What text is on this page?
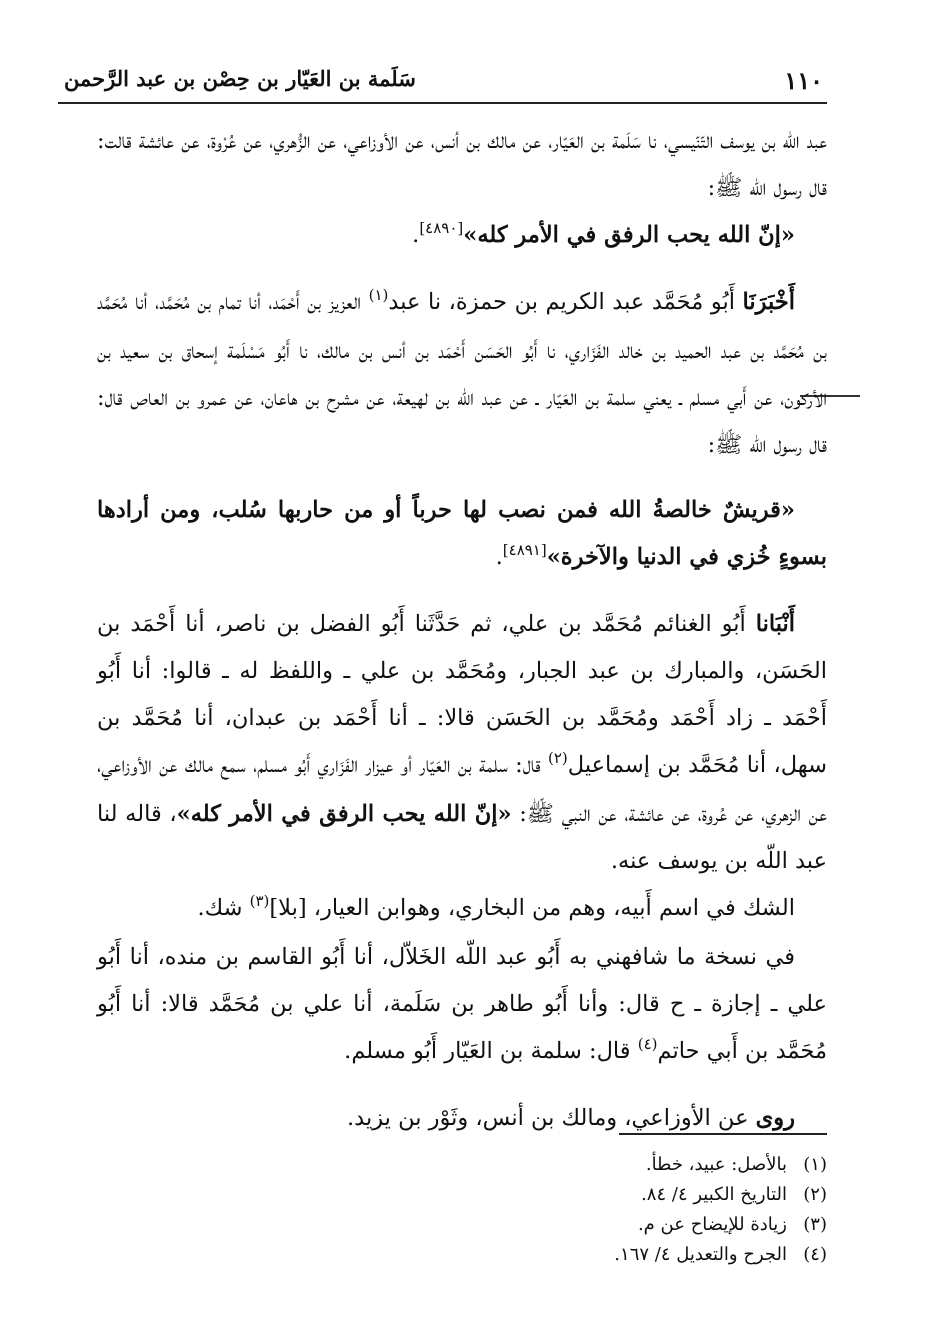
١١٠
سَلَمة بن العَيّار بن حِصْن بن عبد الرَّحمن

عبد اللّه بن يوسف التّنّيسي، نا سَلَمة بن العَيّار، عن مالك بن أنس، عن الأوزاعي، عن الزُّهري، عن عُرْوة، عن عائشة قالت: قال رسول الله ﷺ:

«إنّ الله يحب الرفق في الأمر كله»[٤٨٩٠].

أَخْبَرَنَا أَبُو مُحَمَّد عبد الكريم بن حمزة، نا عبد$^{(١)}$ العزيز بن أَحْمَد، أنا تمام بن مُحَمَّد، أنا مُحَمَّد بن مُحَمَّد بن عبد الحميد بن خالد الفَزَاري، نا أَبُو الحَسَن أَحْمَد بن أنس بن مالك، نا أَبُو مَسْلَمة إسحاق بن سعيد بن الأركون، عن أَبي مسلم ـ يعني سلمة بن العَيّار ـ عن عبد اللّه بن لهيعة، عن مشرح بن هاعان، عن عمرو بن العاص قال: قال رسول الله ﷺ:

«قريشٌ خالصةُ الله فمن نصب لها حرباً أو من حاربها سُلب، ومن أرادها بسوءٍ خُزي في الدنيا والآخرة»[٤٨٩١].

أَنْبَانا أَبُو الغنائم مُحَمَّد بن علي، ثم حَدَّثَنا أَبُو الفضل بن ناصر، أنا أَحْمَد بن الحَسَن، والمبارك بن عبد الجبار، ومُحَمَّد بن علي ـ واللفظ له ـ قالوا: أنا أَبُو أَحْمَد ـ زاد أَحْمَد ومُحَمَّد بن الحَسَن قالا: ـ أنا أَحْمَد بن عبدان، أنا مُحَمَّد بن سهل، أنا مُحَمَّد بن إسماعيل$^{(٢)}$ قال: سلمة بن العَيّار أو عيزار الفَزَاري أَبُو مسلم، سمع مالك عن الأوزاعي، عن الزهري، عن عُروة، عن عائشة، عن النبي ﷺ: «إنّ الله يحب الرفق في الأمر كله»، قاله لنا عبد اللّه بن يوسف عنه.

الشك في اسم أَبيه، وهم من البخاري، وهوابن العيار، [بلا]$^{(٣)}$ شك.

في نسخة ما شافهني به أَبُو عبد اللّه الخَلاّل، أنا أَبُو القاسم بن منده، أنا أَبُو علي ـ إجازة ـ ح قال: وأنا أَبُو طاهر بن سَلَمة، أنا علي بن مُحَمَّد قالا: أنا أَبُو مُحَمَّد بن أَبي حاتم$^{(٤)}$ قال: سلمة بن العَيّار أَبُو مسلم.

روى عن الأوزاعي، ومالك بن أنس، وثَوْر بن يزيد.

(١)
بالأصل: عبيد، خطأ.
(٢)
التاريخ الكبير ٤/ ٨٤.
(٣)
زيادة للإيضاح عن م.
(٤)
الجرح والتعديل ٤/ ١٦٧.
